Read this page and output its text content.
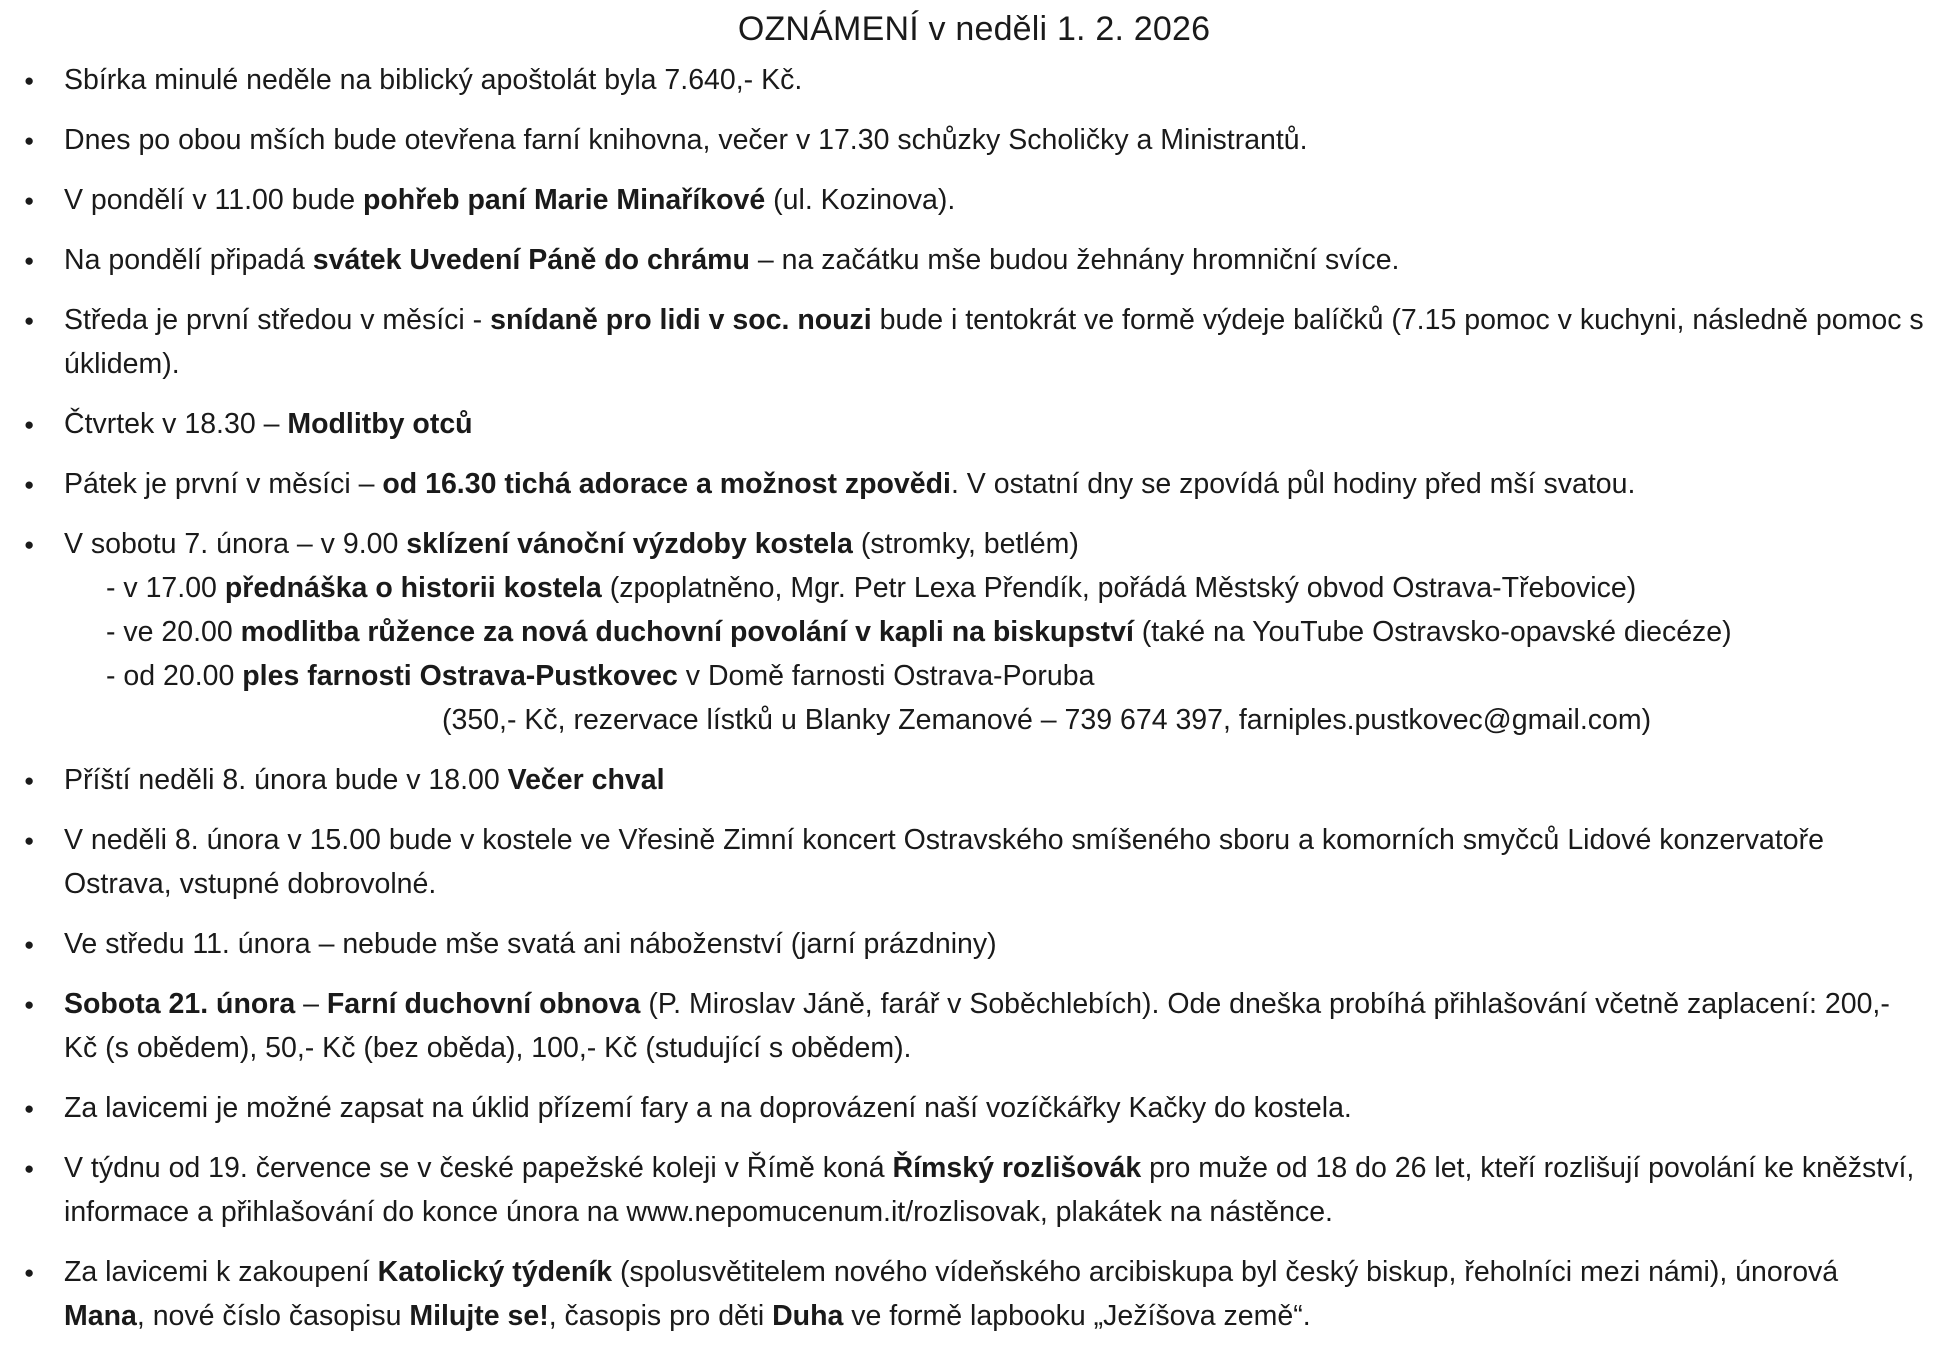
OZNÁMENÍ v neděli 1. 2. 2026
● Sbírka minulé neděle na biblický apoštolát byla 7.640,- Kč.
● Dnes po obou mších bude otevřena farní knihovna, večer v 17.30 schůzky Scholičky a Ministrantů.
● V pondělí v 11.00 bude pohřeb paní Marie Minaříkové (ul. Kozinova).
● Na pondělí připadá svátek Uvedení Páně do chrámu – na začátku mše budou žehnány hromniční svíce.
● Středa je první středou v měsíci - snídaně pro lidi v soc. nouzi bude i tentokrát ve formě výdeje balíčků (7.15 pomoc v kuchyni, následně pomoc s úklidem).
● Čtvrtek v 18.30 – Modlitby otců
● Pátek je první v měsíci – od 16.30 tichá adorace a možnost zpovědi. V ostatní dny se zpovídá půl hodiny před mší svatou.
● V sobotu 7. února – v 9.00 sklízení vánoční výzdoby kostela (stromky, betlém)
- v 17.00 přednáška o historii kostela (zpoplatněno, Mgr. Petr Lexa Přendík, pořádá Městský obvod Ostrava-Třebovice)
- ve 20.00 modlitba růžence za nová duchovní povolání v kapli na biskupství (také na YouTube Ostravsko-opavské diecéze)
- od 20.00 ples farnosti Ostrava-Pustkovec v Domě farnosti Ostrava-Poruba
(350,- Kč, rezervace lístků u Blanky Zemanové – 739 674 397, farniples.pustkovec@gmail.com)
● Příští neděli 8. února bude v 18.00 Večer chval
● V neděli 8. února v 15.00 bude v kostele ve Vřesině Zimní koncert Ostravského smíšeného sboru a komorních smyčců Lidové konzervatoře Ostrava, vstupné dobrovolné.
● Ve středu 11. února – nebude mše svatá ani náboženství (jarní prázdniny)
● Sobota 21. února – Farní duchovní obnova (P. Miroslav Jáně, farář v Soběchlebích). Ode dneška probíhá přihlašování včetně zaplacení: 200,- Kč (s obědem), 50,- Kč (bez oběda), 100,- Kč (studující s obědem).
● Za lavicemi je možné zapsat na úklid přízemí fary a na doprovázení naší vozíčkářky Kačky do kostela.
● V týdnu od 19. července se v české papežské koleji v Římě koná Římský rozlišovák pro muže od 18 do 26 let, kteří rozlišují povolání ke kněžství, informace a přihlašování do konce února na www.nepomucenum.it/rozlisovak, plakátek na nástěnce.
● Za lavicemi k zakoupení Katolický týdeník (spolusvětitelem nového vídeňského arcibiskupa byl český biskup, řeholníci mezi námi), únorová Mana, nové číslo časopisu Milujte se!, časopis pro děti Duha ve formě lapbooku „Ježíšova země“.
